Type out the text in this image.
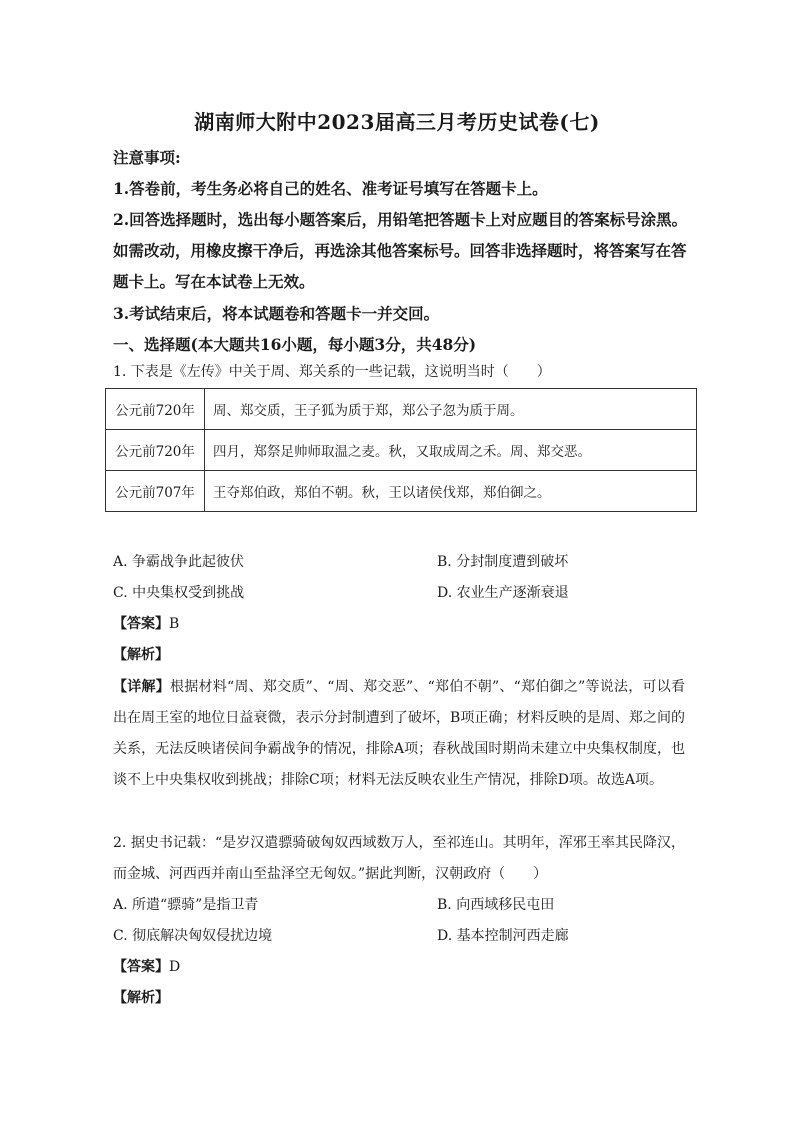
湖南师大附中2023届高三月考历史试卷(七)

注意事项:

1.答卷前，考生务必将自己的姓名、准考证号填写在答题卡上。

2.回答选择题时，选出每小题答案后，用铅笔把答题卡上对应题目的答案标号涂黑。如需改动，用橡皮擦干净后，再选涂其他答案标号。回答非选择题时，将答案写在答题卡上。写在本试卷上无效。

3.考试结束后，将本试题卷和答题卡一并交回。

一、选择题(本大题共16小题，每小题3分，共48分)

1. 下表是《左传》中关于周、郑关系的一些记载，这说明当时（　　）
公元前720年	周、郑交质，王子狐为质于郑，郑公子忽为质于周。
公元前720年	四月，郑祭足帅师取温之麦。秋，又取成周之禾。周、郑交恶。
公元前707年	王夺郑伯政，郑伯不朝。秋，王以诸侯伐郑，郑伯御之。
A. 争霸战争此起彼伏	B. 分封制度遭到破坏
C. 中央集权受到挑战	D. 农业生产逐渐衰退
【答案】B
【解析】
【详解】根据材料“周、郑交质”、“周、郑交恶”、“郑伯不朝”、“郑伯御之”等说法，可以看出在周王室的地位日益衰微，表示分封制遭到了破坏，B项正确；材料反映的是周、郑之间的关系，无法反映诸侯间争霸战争的情况，排除A项；春秋战国时期尚未建立中央集权制度，也谈不上中央集权收到挑战；排除C项；材料无法反映农业生产情况，排除D项。故选A项。
2. 据史书记载：“是岁汉遣骠骑破匈奴西域数万人，至祁连山。其明年，浑邪王率其民降汉，而金城、河西西并南山至盐泽空无匈奴。”据此判断，汉朝政府（　　）
A. 所遣“骠骑”是指卫青	B. 向西域移民屯田
C. 彻底解决匈奴侵扰边境	D. 基本控制河西走廊
【答案】D
【解析】
